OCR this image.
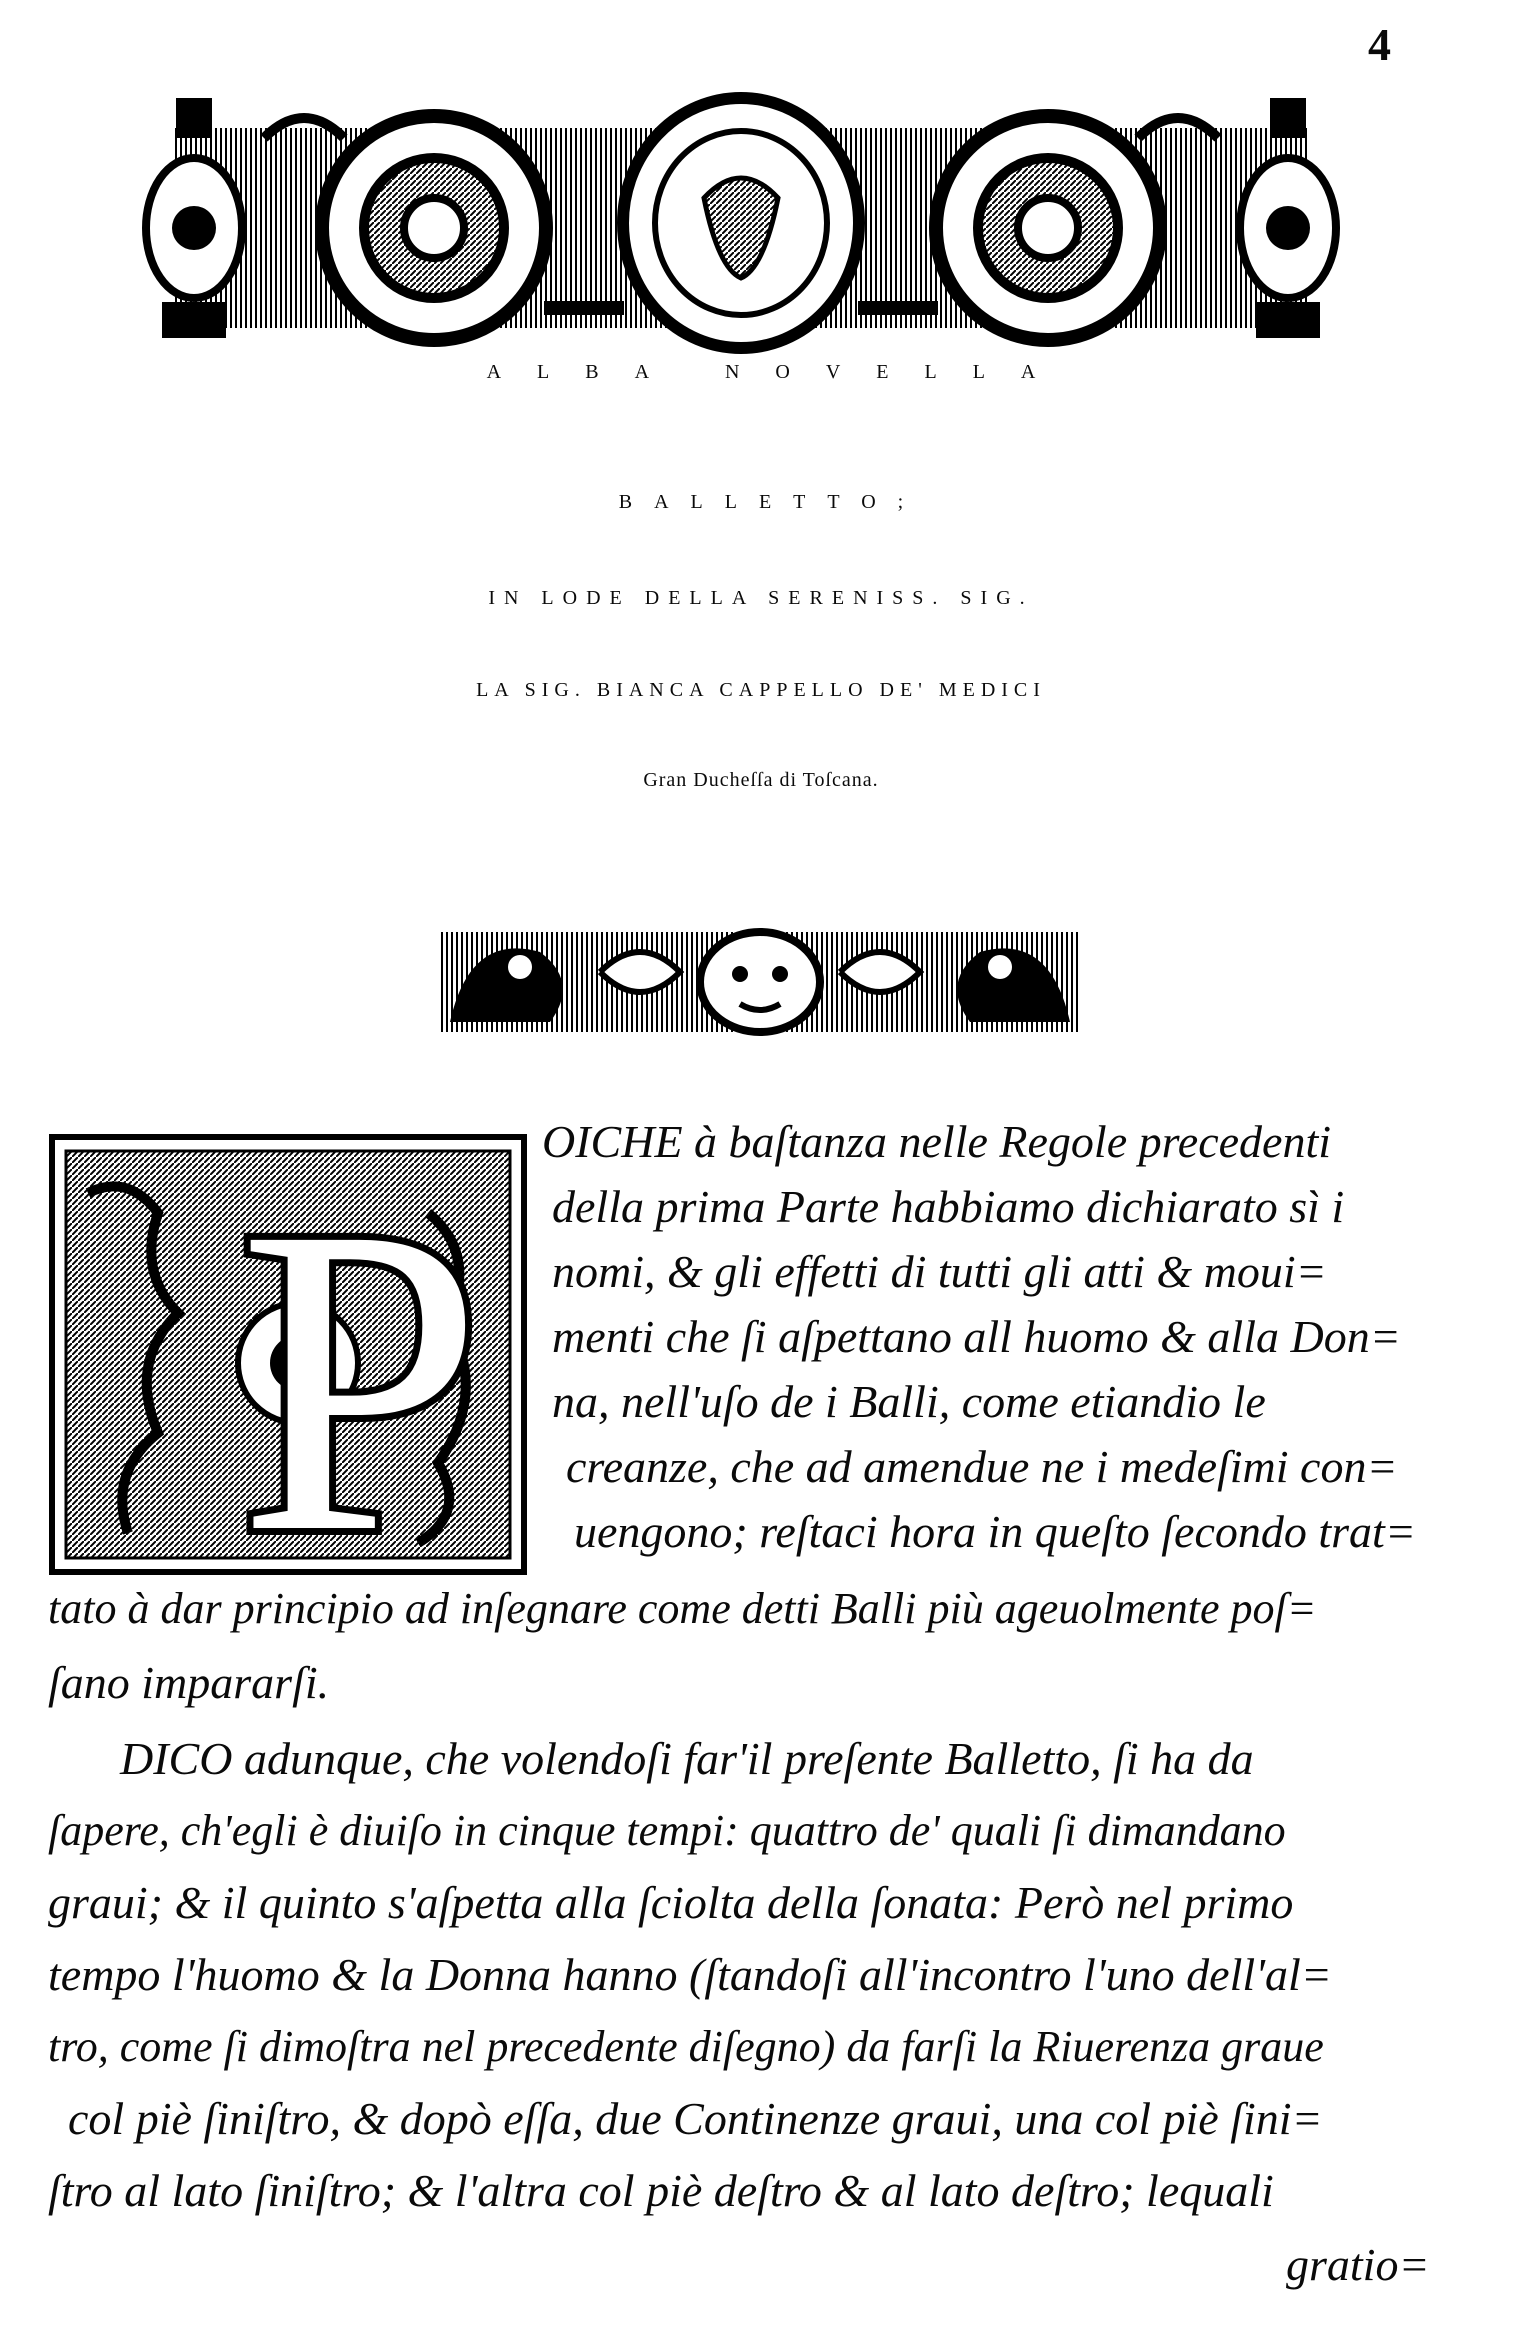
4
ALBA NOVELLA
BALLETTO;
IN LODE DELLA SERENISS. SIG.
LA SIG. BIANCA CAPPELLO DE' MEDICI
Gran Ducheſſa di Toſcana.
P OICHE à baſtanza nelle Regole precedenti
della prima Parte habbiamo dichiarato sì i
nomi, & gli effetti di tutti gli atti & moui=
menti che ſi aſpettano all huomo & alla Don=
na, nell'uſo de i Balli, come etiandio le
creanze, che ad amendue ne i medeſimi con=
uengono; reſtaci hora in queſto ſecondo trat=
tato à dar principio ad inſegnare come detti Balli più ageuolmente poſ=
ſano impararſi.
DICO adunque, che volendoſi far'il preſente Balletto, ſi ha da
ſapere, ch'egli è diuiſo in cinque tempi: quattro de' quali ſi dimandano
graui; & il quinto s'aſpetta alla ſciolta della ſonata: Però nel primo
tempo l'huomo & la Donna hanno (ſtandoſi all'incontro l'uno dell'al=
tro, come ſi dimoſtra nel precedente diſegno) da farſi la Riuerenza graue
col piè ſiniſtro, & dopò eſſa, due Continenze graui, una col piè ſini=
ſtro al lato ſiniſtro; & l'altra col piè deſtro & al lato deſtro; lequali
gratio=
